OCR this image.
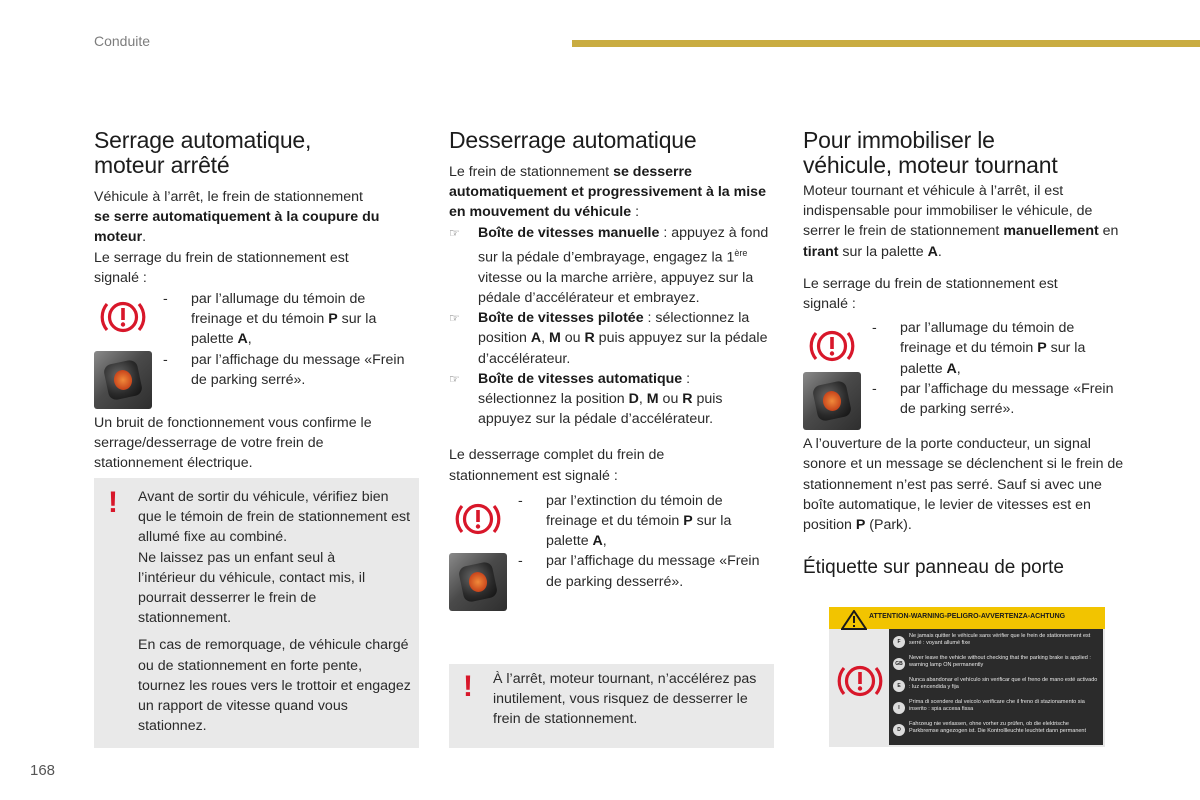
Conduite
Serrage automatique,
moteur arrêté

Véhicule à l’arrêt, le frein de stationnement
se serre automatiquement à la coupure du moteur.

Le serrage du frein de stationnement est signalé :

- par l’allumage du témoin de freinage et du témoin P sur la palette A,
- par l’affichage du message «Frein de parking serré».

Un bruit de fonctionnement vous confirme le serrage/desserrage de votre frein de stationnement électrique.

! Avant de sortir du véhicule, vérifiez bien que le témoin de frein de stationnement est allumé fixe au combiné.

Ne laissez pas un enfant seul à l’intérieur du véhicule, contact mis, il pourrait desserrer le frein de stationnement.

En cas de remorquage, de véhicule chargé ou de stationnement en forte pente, tournez les roues vers le trottoir et engagez un rapport de vitesse quand vous stationnez.

Desserrage automatique

Le frein de stationnement se desserre automatiquement et progressivement à la mise en mouvement du véhicule :

☞ Boîte de vitesses manuelle : appuyez à fond sur la pédale d’embrayage, engagez la 1ère vitesse ou la marche arrière, appuyez sur la pédale d’accélérateur et embrayez.
☞ Boîte de vitesses pilotée : sélectionnez la position A, M ou R puis appuyez sur la pédale d’accélérateur.
☞ Boîte de vitesses automatique : sélectionnez la position D, M ou R puis appuyez sur la pédale d’accélérateur.

Le desserrage complet du frein de stationnement est signalé :

- par l’extinction du témoin de freinage et du témoin P sur la palette A,
- par l’affichage du message «Frein de parking desserré».
! À l’arrêt, moteur tournant, n’accélérez pas inutilement, vous risquez de desserrer le frein de stationnement.

Pour immobiliser le
véhicule, moteur tournant

Moteur tournant et véhicule à l’arrêt, il est indispensable pour immobiliser le véhicule, de serrer le frein de stationnement manuellement en tirant sur la palette A.

Le serrage du frein de stationnement est signalé :

- par l’allumage du témoin de freinage et du témoin P sur la palette A,
- par l’affichage du message «Frein de parking serré».

A l’ouverture de la porte conducteur, un signal sonore et un message se déclenchent si le frein de stationnement n’est pas serré. Sauf si avec une boîte automatique, le levier de vitesses est en position P (Park).

Étiquette sur panneau de porte
ATTENTION-WARNING-PELIGRO-AVVERTENZA-ACHTUNG
F
Ne jamais quitter le véhicule sans vérifier que le frein de stationnement est serré : voyant allumé fixe
GB
Never leave the vehicle without checking that the parking brake is applied : warning lamp ON permanently
E
Nunca abandonar el vehículo sin verificar que el freno de mano esté activado : luz encendida y fija
I
Prima di scendere dal veicolo verificare che il freno di stazionamento sia inserito : spia accesa fissa
D
Fahrzeug nie verlassen, ohne vorher zu prüfen, ob die elektrische Parkbremse angezogen ist. Die Kontrollleuchte leuchtet dann permanent
168
